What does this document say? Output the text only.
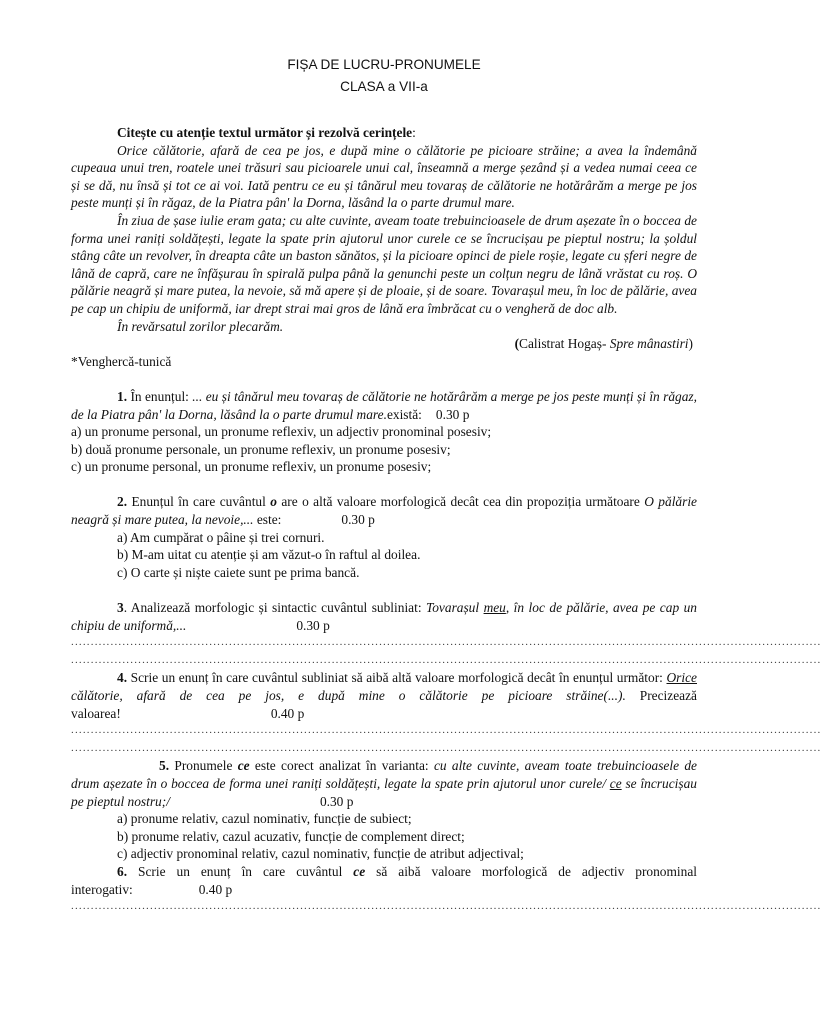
FIȘA DE LUCRU-PRONUMELE
CLASA a VII-a

Citește cu atenție textul următor și rezolvă cerințele:

Orice călătorie, afară de cea pe jos, e după mine o călătorie pe picioare străine; a avea la îndemână cupeaua unui tren, roatele unei trăsuri sau picioarele unui cal, înseamnă a merge șezând și a vedea numai ceea ce și se dă, nu însă și tot ce ai voi. Iată pentru ce eu și tânărul meu tovaraș de călătorie ne hotărârăm a merge pe jos peste munți și în răgaz, de la Piatra pân' la Dorna, lăsând la o parte drumul mare.

În ziua de șase iulie eram gata; cu alte cuvinte, aveam toate trebuincioasele de drum așezate în o boccea de forma unei raniți soldățești, legate la spate prin ajutorul unor curele ce se încrucișau pe pieptul nostru; la șoldul stâng câte un revolver, în dreapta câte un baston sănătos, și la picioare opinci de piele roșie, legate cu șferi negre de lână de capră, care ne înfășurau în spirală pulpa până la genunchi peste un colțun negru de lână vrăstat cu roș. O pălărie neagră și mare putea, la nevoie, să mă apere și de ploaie, și de soare. Tovarașul meu, în loc de pălărie, avea pe cap un chipiu de uniformă, iar drept strai mai gros de lână era îmbrăcat cu o vengheră de doc alb.

În revărsatul zorilor plecarăm.

(Calistrat Hogaș- Spre mânastiri)

*Vengherсă-tunică

1. În enunțul: ... eu și tânărul meu tovaraș de călătorie ne hotărârăm a merge pe jos peste munți și în răgaz, de la Piatra pân' la Dorna, lăsând la o parte drumul mare.există: 0.30 p

a) un pronume personal, un pronume reflexiv, un adjectiv pronominal posesiv;

b) două pronume personale, un pronume reflexiv, un pronume posesiv;

c) un pronume personal, un pronume reflexiv, un pronume posesiv;

2. Enunțul în care cuvântul o are o altă valoare morfologică decât cea din propoziția următoare O pălărie neagră și mare putea, la nevoie,... este:	0.30 p

a) Am cumpărat o pâine și trei cornuri.

b) M-am uitat cu atenție și am văzut-o în raftul al doilea.

c) O carte și niște caiete sunt pe prima bancă.

3. Analizează morfologic și sintactic cuvântul subliniat: Tovarașul meu, în loc de pălărie, avea pe cap un chipiu de uniformă,...	0.30 p

..............................................................................................................................................................................................

..............................................................................................................................................................................................

4. Scrie un enunț în care cuvântul subliniat să aibă altă valoare morfologică decât în enunțul următor: Orice călătorie, afară de cea pe jos, e după mine o călătorie pe picioare străine(...). Precizează valoarea!	0.40 p

..............................................................................................................................................................................................

..............................................................................................................................................................................................

5. Pronumele ce este corect analizat în varianta: cu alte cuvinte, aveam toate trebuincioasele de drum așezate în o boccea de forma unei raniți soldățești, legate la spate prin ajutorul unor curele/ ce se încrucișau pe pieptul nostru;/	0.30 p

a) pronume relativ, cazul nominativ, funcție de subiect;

b) pronume relativ, cazul acuzativ, funcție de complement direct;

c) adjectiv pronominal relativ, cazul nominativ, funcție de atribut adjectival;

6. Scrie un enunț în care cuvântul ce să aibă valoare morfologică de adjectiv pronominal interogativ:	0.40 p

..............................................................................................................................................................................................
